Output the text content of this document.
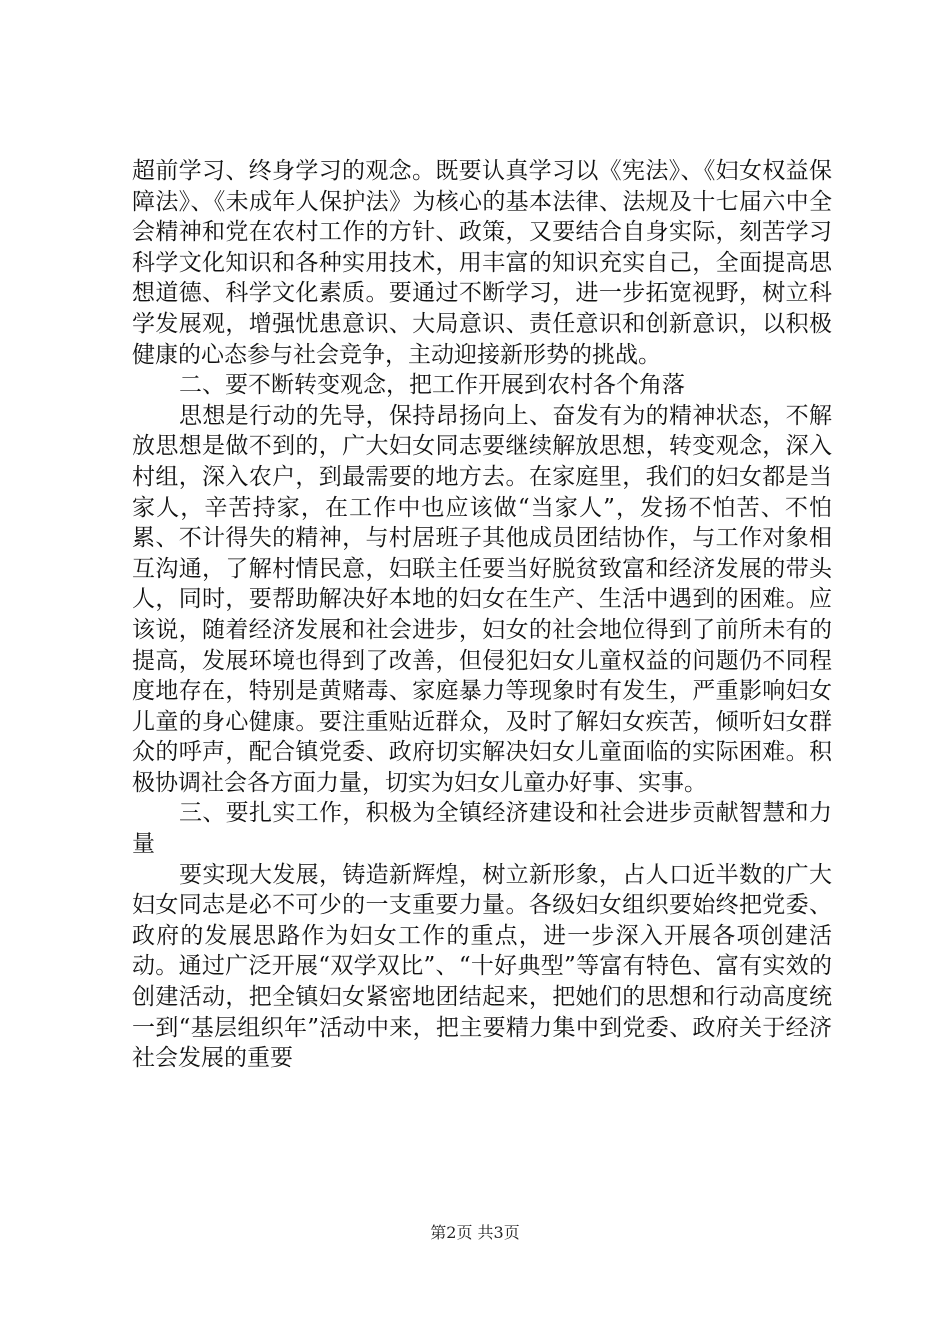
超前学习、终身学习的观念。既要认真学习以《宪法》、《妇女权益保障法》、《未成年人保护法》为核心的基本法律、法规及十七届六中全会精神和党在农村工作的方针、政策，又要结合自身实际，刻苦学习科学文化知识和各种实用技术，用丰富的知识充实自己，全面提高思想道德、科学文化素质。要通过不断学习，进一步拓宽视野，树立科学发展观，增强忧患意识、大局意识、责任意识和创新意识，以积极健康的心态参与社会竞争，主动迎接新形势的挑战。

二、要不断转变观念，把工作开展到农村各个角落

思想是行动的先导，保持昂扬向上、奋发有为的精神状态，不解放思想是做不到的，广大妇女同志要继续解放思想，转变观念，深入村组，深入农户，到最需要的地方去。在家庭里，我们的妇女都是当家人，辛苦持家，在工作中也应该做“当家人”，发扬不怕苦、不怕累、不计得失的精神，与村居班子其他成员团结协作，与工作对象相互沟通，了解村情民意，妇联主任要当好脱贫致富和经济发展的带头人，同时，要帮助解决好本地的妇女在生产、生活中遇到的困难。应该说，随着经济发展和社会进步，妇女的社会地位得到了前所未有的提高，发展环境也得到了改善，但侵犯妇女儿童权益的问题仍不同程度地存在，特别是黄赌毒、家庭暴力等现象时有发生，严重影响妇女儿童的身心健康。要注重贴近群众，及时了解妇女疾苦，倾听妇女群众的呼声，配合镇党委、政府切实解决妇女儿童面临的实际困难。积极协调社会各方面力量，切实为妇女儿童办好事、实事。

三、要扎实工作，积极为全镇经济建设和社会进步贡献智慧和力量

要实现大发展，铸造新辉煌，树立新形象，占人口近半数的广大妇女同志是必不可少的一支重要力量。各级妇女组织要始终把党委、政府的发展思路作为妇女工作的重点，进一步深入开展各项创建活动。通过广泛开展“双学双比”、“十好典型”等富有特色、富有实效的创建活动，把全镇妇女紧密地团结起来，把她们的思想和行动高度统一到“基层组织年”活动中来，把主要精力集中到党委、政府关于经济社会发展的重要

第2页 共3页
